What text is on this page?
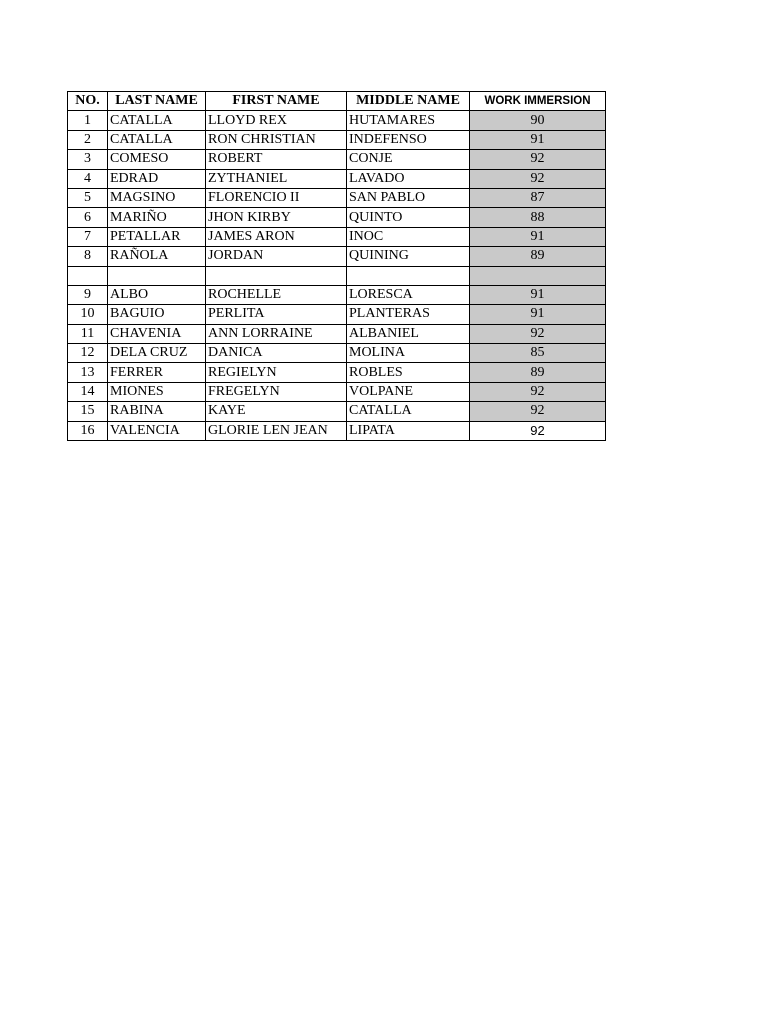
NO.	LAST NAME	FIRST NAME	MIDDLE NAME	WORK IMMERSION
1	CATALLA	LLOYD REX	HUTAMARES	90
2	CATALLA	RON CHRISTIAN	INDEFENSO	91
3	COMESO	ROBERT	CONJE	92
4	EDRAD	ZYTHANIEL	LAVADO	92
5	MAGSINO	FLORENCIO II	SAN PABLO	87
6	MARIÑO	JHON KIRBY	QUINTO	88
7	PETALLAR	JAMES ARON	INOC	91
8	RAÑOLA	JORDAN	QUINING	89

9	ALBO	ROCHELLE	LORESCA	91
10	BAGUIO	PERLITA	PLANTERAS	91
11	CHAVENIA	ANN LORRAINE	ALBANIEL	92
12	DELA CRUZ	DANICA	MOLINA	85
13	FERRER	REGIELYN	ROBLES	89
14	MIONES	FREGELYN	VOLPANE	92
15	RABINA	KAYE	CATALLA	92
16	VALENCIA	GLORIE LEN JEAN	LIPATA	92
